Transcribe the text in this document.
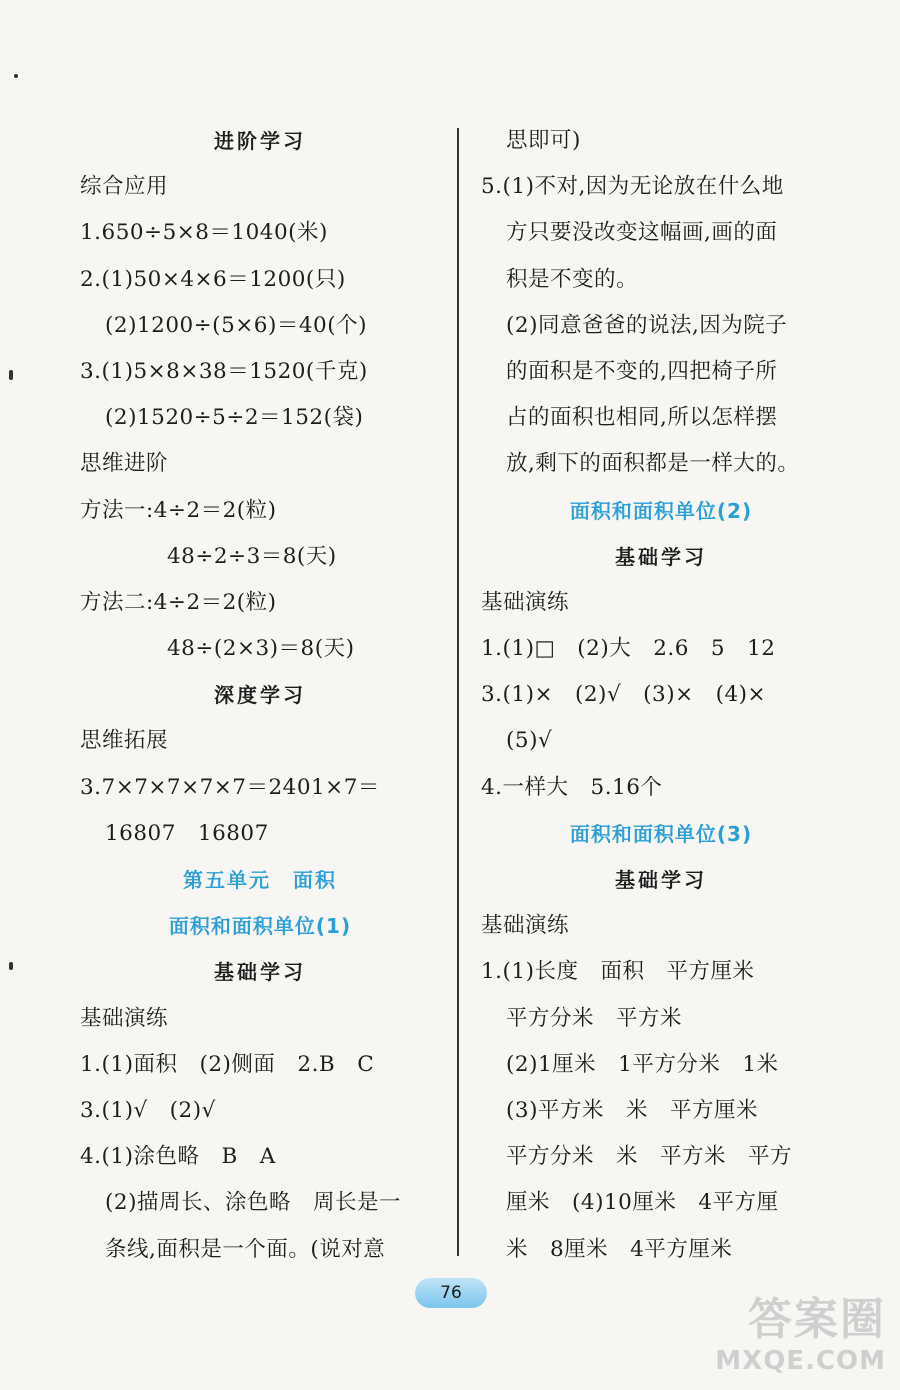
进阶学习

综合应用

1.650÷5×8＝1040(米)

2.(1)50×4×6＝1200(只)

(2)1200÷(5×6)＝40(个)

3.(1)5×8×38＝1520(千克)

(2)1520÷5÷2＝152(袋)

思维进阶

方法一:4÷2＝2(粒)

48÷2÷3＝8(天)

方法二:4÷2＝2(粒)

48÷(2×3)＝8(天)

深度学习

思维拓展

3.7×7×7×7×7＝2401×7＝

16807　16807

第五单元　面积

面积和面积单位(1)

基础学习

基础演练

1.(1)面积　(2)侧面　2.B　C

3.(1)√　(2)√

4.(1)涂色略　B　A

(2)描周长、涂色略　周长是一

条线,面积是一个面。(说对意

思即可)

5.(1)不对,因为无论放在什么地

方只要没改变这幅画,画的面

积是不变的。

(2)同意爸爸的说法,因为院子

的面积是不变的,四把椅子所

占的面积也相同,所以怎样摆

放,剩下的面积都是一样大的。

面积和面积单位(2)

基础学习

基础演练

1.(1)□　(2)大　2.6　5　12

3.(1)×　(2)√　(3)×　(4)×

(5)√

4.一样大　5.16个

面积和面积单位(3)

基础学习

基础演练

1.(1)长度　面积　平方厘米

平方分米　平方米

(2)1厘米　1平方分米　1米

(3)平方米　米　平方厘米

平方分米　米　平方米　平方

厘米　(4)10厘米　4平方厘

米　8厘米　4平方厘米

76
答案圈
MXQE.COM
